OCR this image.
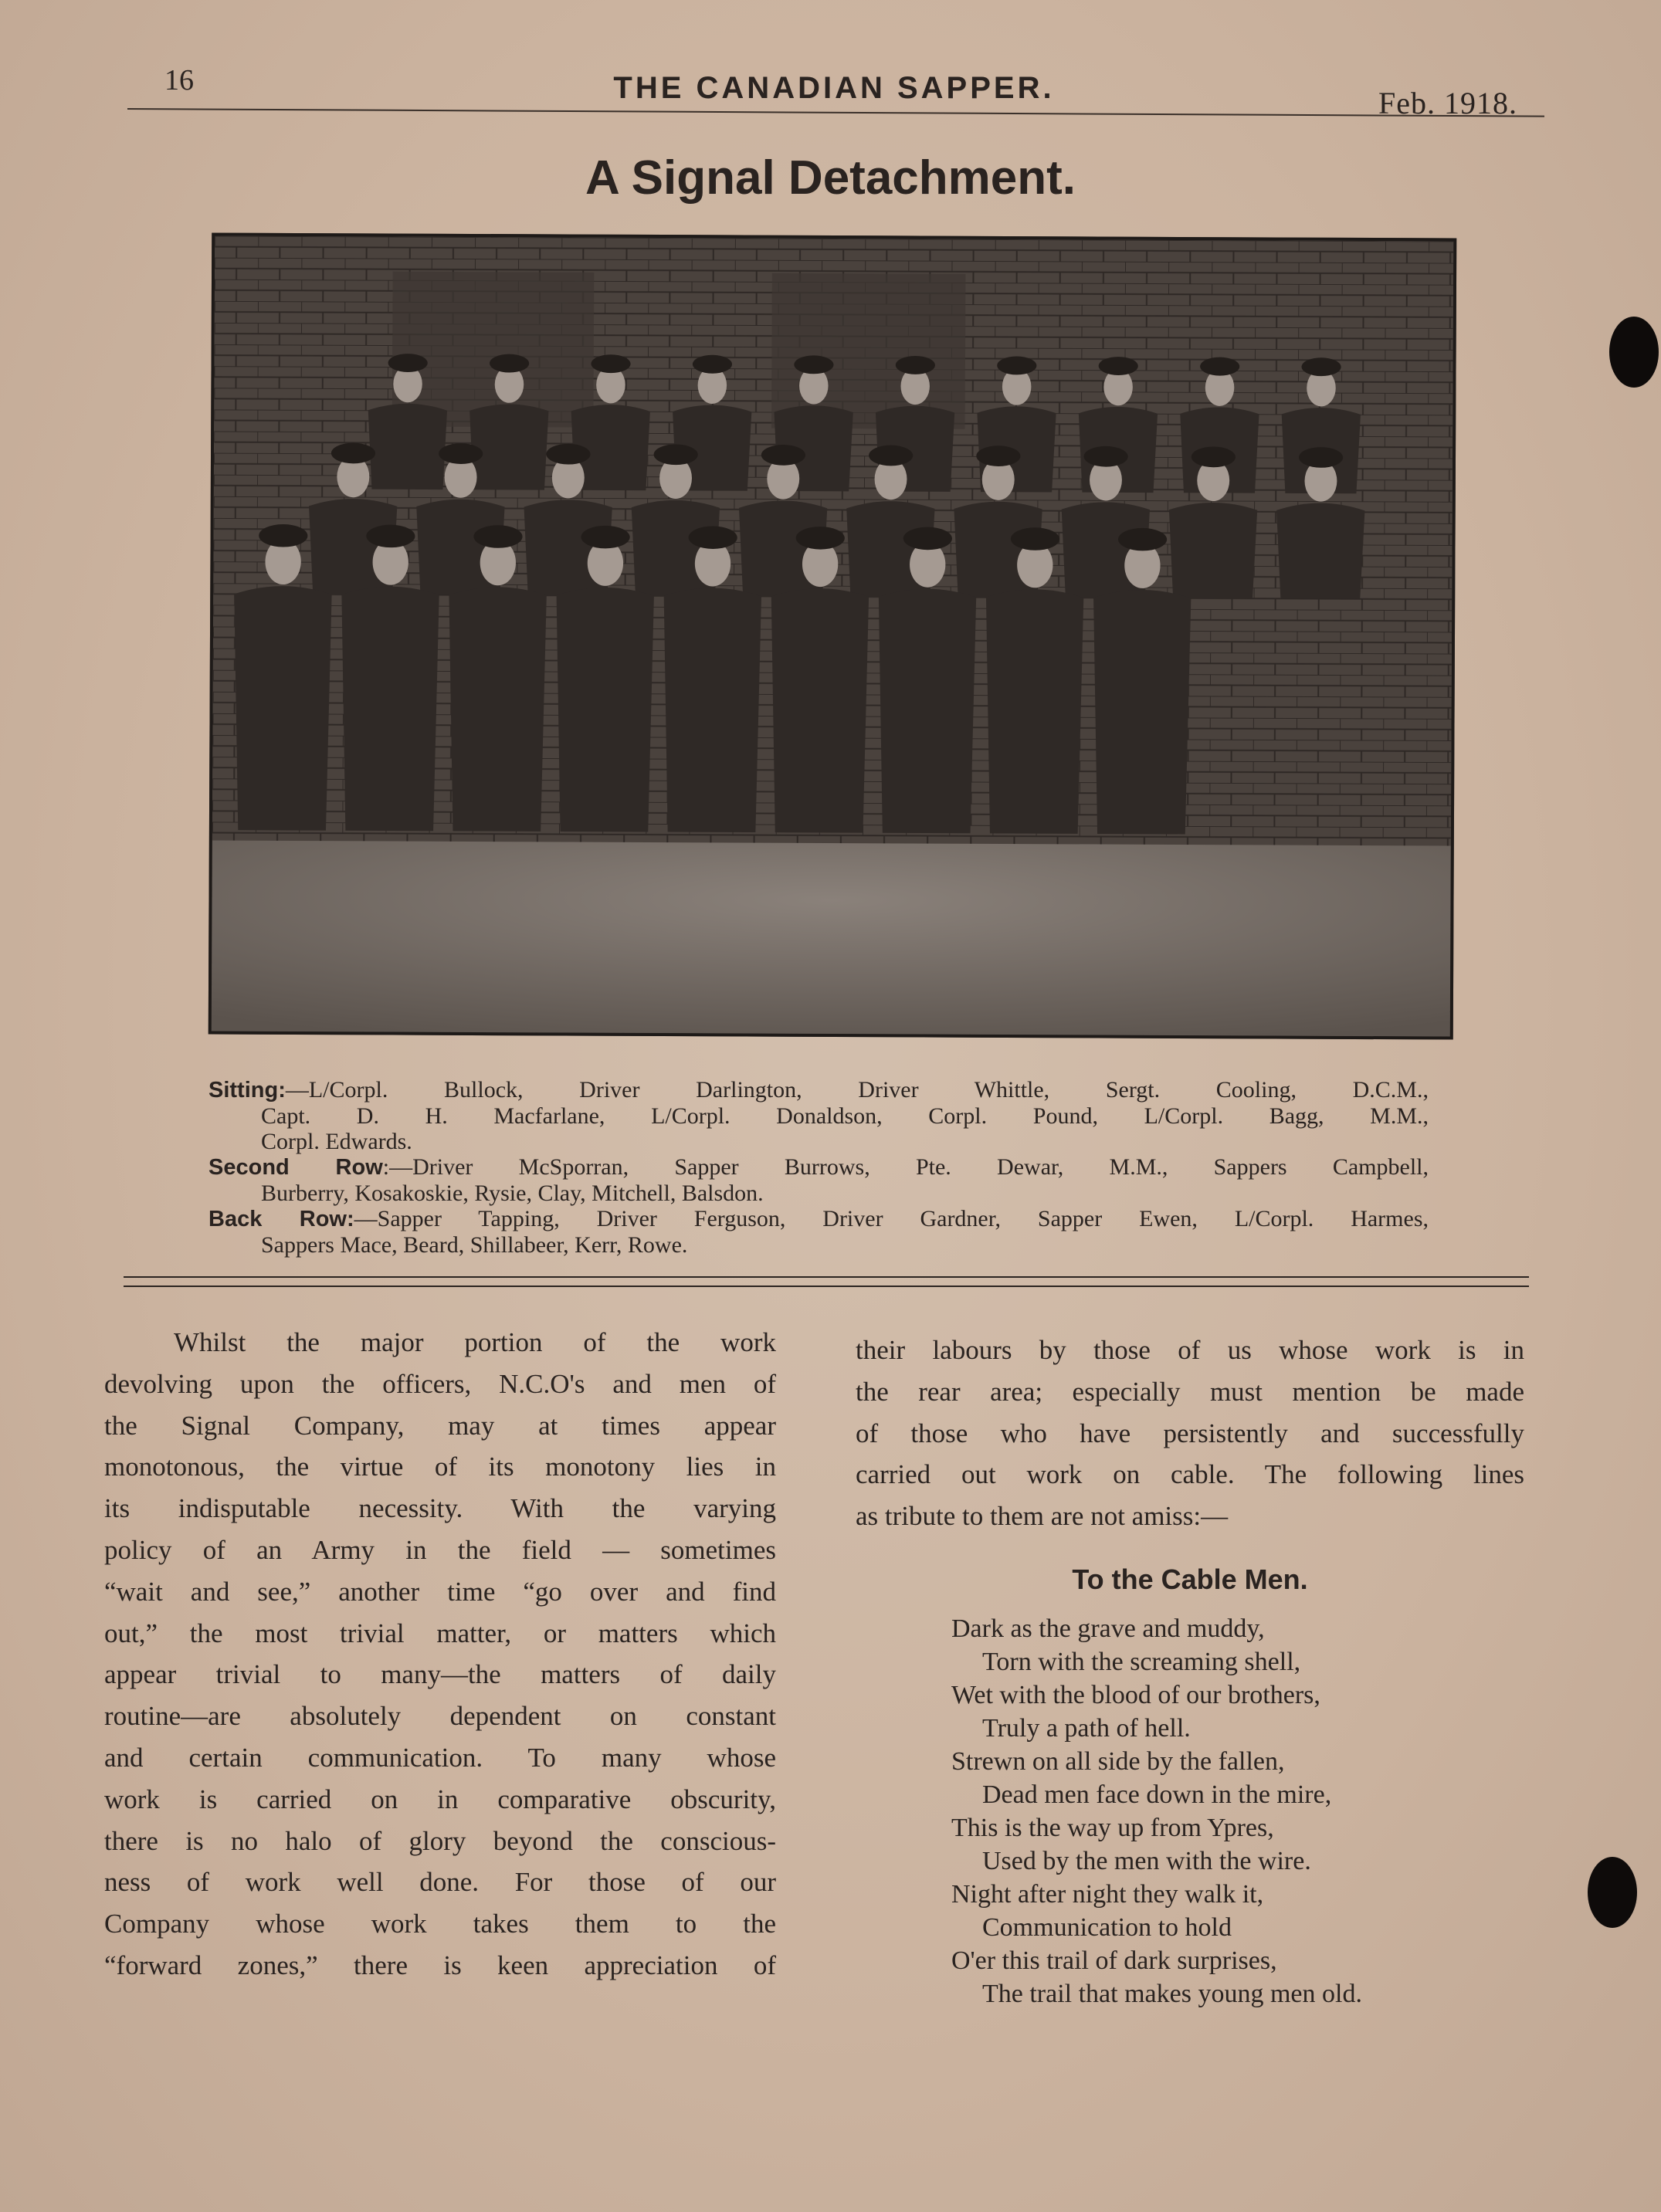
16	THE CANADIAN SAPPER.	Feb. 1918.
A Signal Detachment.

Sitting:—L/Corpl. Bullock, Driver Darlington, Driver Whittle, Sergt. Cooling, D.C.M.,
Capt. D. H. Macfarlane, L/Corpl. Donaldson, Corpl. Pound, L/Corpl. Bagg, M.M.,
Corpl. Edwards.

Second Row:—Driver McSporran, Sapper Burrows, Pte. Dewar, M.M., Sappers Campbell,
Burberry, Kosakoskie, Rysie, Clay, Mitchell, Balsdon.

Back Row:—Sapper Tapping, Driver Ferguson, Driver Gardner, Sapper Ewen, L/Corpl. Harmes,
Sappers Mace, Beard, Shillabeer, Kerr, Rowe.

Whilst the major portion of the work
devolving upon the officers, N.C.O's and men of
the Signal Company, may at times appear
monotonous, the virtue of its monotony lies in
its indisputable necessity. With the varying
policy of an Army in the field — sometimes
“wait and see,” another time “go over and find
out,” the most trivial matter, or matters which
appear trivial to many—the matters of daily
routine—are absolutely dependent on constant
and certain communication. To many whose
work is carried on in comparative obscurity,
there is no halo of glory beyond the conscious-
ness of work well done. For those of our
Company whose work takes them to the
“forward zones,” there is keen appreciation of
their labours by those of us whose work is in
the rear area; especially must mention be made
of those who have persistently and successfully
carried out work on cable. The following lines
as tribute to them are not amiss:—
To the Cable Men.
Dark as the grave and muddy,
Torn with the screaming shell,
Wet with the blood of our brothers,
Truly a path of hell.
Strewn on all side by the fallen,
Dead men face down in the mire,
This is the way up from Ypres,
Used by the men with the wire.
Night after night they walk it,
Communication to hold
O'er this trail of dark surprises,
The trail that makes young men old.
